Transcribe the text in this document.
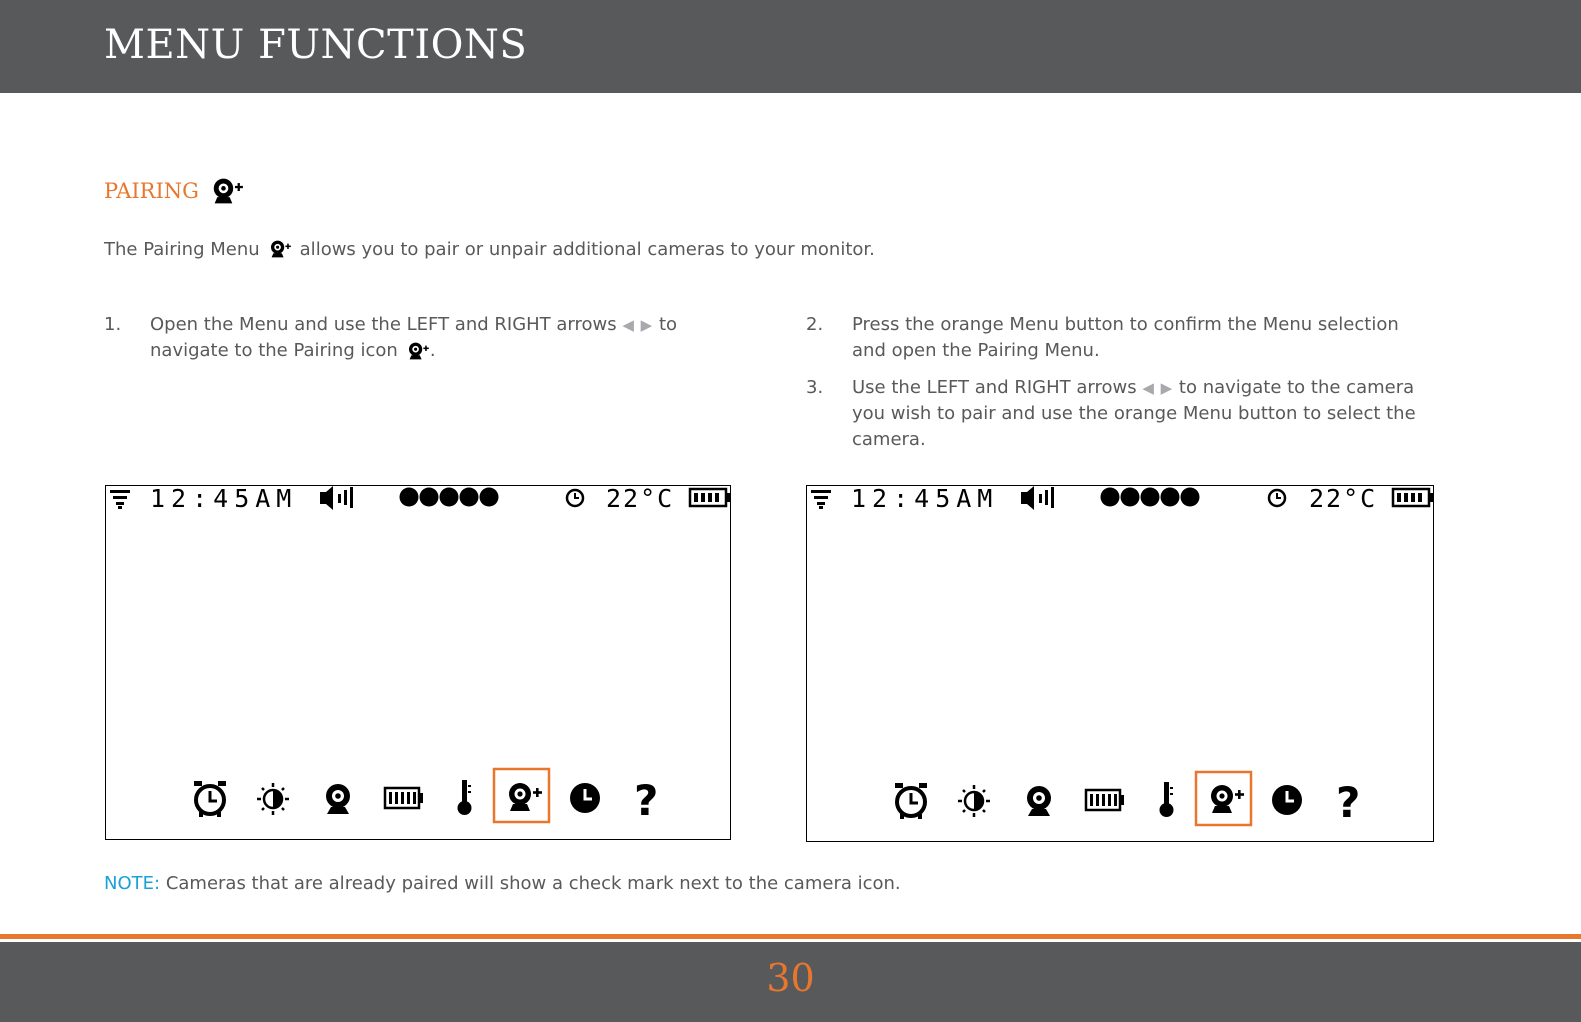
MENU FUNCTIONS
PAIRING
The Pairing Menu allows you to pair or unpair additional cameras to your monitor.
1. Open the Menu and use the LEFT and RIGHT arrows ◀ ▶ to
navigate to the Pairing icon .
2. Press the orange Menu button to confirm the Menu selection
and open the Pairing Menu.
3. Use the LEFT and RIGHT arrows ◀ ▶ to navigate to the camera
you wish to pair and use the orange Menu button to select the
camera.
12:45AM	22°C
?
12:45AM	22°C
?
NOTE: Cameras that are already paired will show a check mark next to the camera icon.
30
